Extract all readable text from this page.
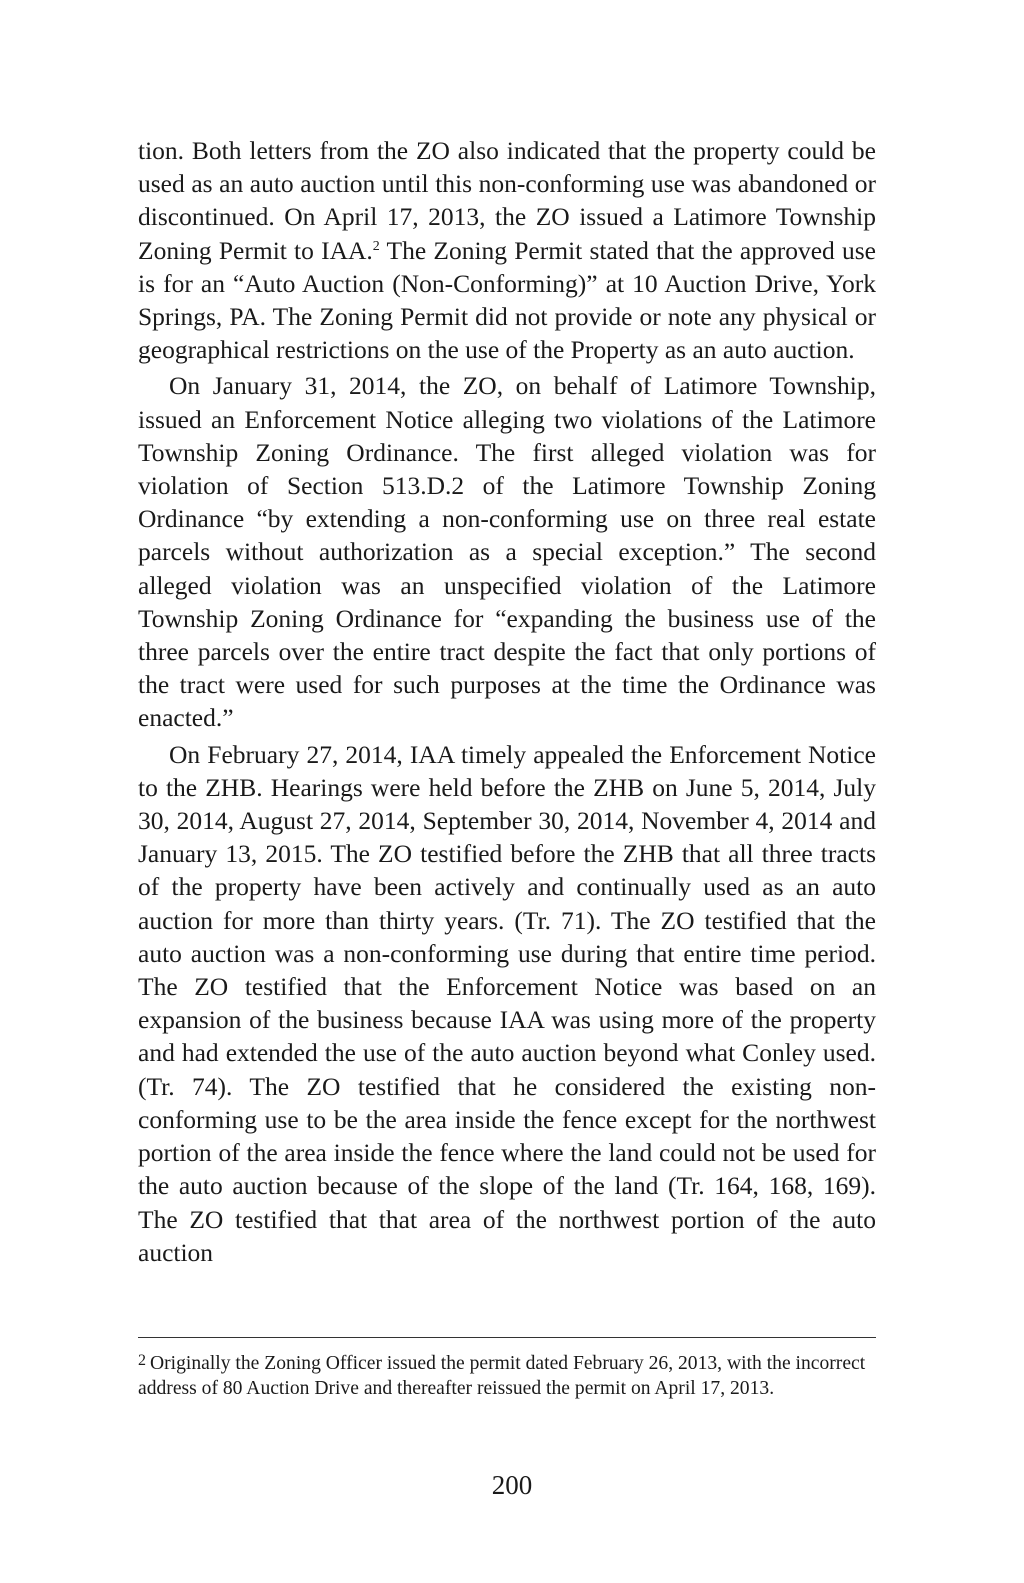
tion. Both letters from the ZO also indicated that the property could be used as an auto auction until this non-conforming use was abandoned or discontinued. On April 17, 2013, the ZO issued a Latimore Township Zoning Permit to IAA.$^2$ The Zoning Permit stated that the approved use is for an “Auto Auction (Non-Conforming)” at 10 Auction Drive, York Springs, PA. The Zoning Permit did not provide or note any physical or geographical restrictions on the use of the Property as an auto auction.

On January 31, 2014, the ZO, on behalf of Latimore Township, issued an Enforcement Notice alleging two violations of the Latimore Township Zoning Ordinance. The first alleged violation was for violation of Section 513.D.2 of the Latimore Township Zoning Ordinance “by extending a non-conforming use on three real estate parcels without authorization as a special exception.” The second alleged violation was an unspecified violation of the Latimore Township Zoning Ordinance for “expanding the business use of the three parcels over the entire tract despite the fact that only portions of the tract were used for such purposes at the time the Ordinance was enacted.”

On February 27, 2014, IAA timely appealed the Enforcement Notice to the ZHB. Hearings were held before the ZHB on June 5, 2014, July 30, 2014, August 27, 2014, September 30, 2014, November 4, 2014 and January 13, 2015. The ZO testified before the ZHB that all three tracts of the property have been actively and continually used as an auto auction for more than thirty years. (Tr. 71). The ZO testified that the auto auction was a non-conforming use during that entire time period. The ZO testified that the Enforcement Notice was based on an expansion of the business because IAA was using more of the property and had extended the use of the auto auction beyond what Conley used. (Tr. 74). The ZO testified that he considered the existing non-conforming use to be the area inside the fence except for the northwest portion of the area inside the fence where the land could not be used for the auto auction because of the slope of the land (Tr. 164, 168, 169). The ZO testified that that area of the northwest portion of the auto auction

$^2$ Originally the Zoning Officer issued the permit dated February 26, 2013, with the incorrect address of 80 Auction Drive and thereafter reissued the permit on April 17, 2013.

200
